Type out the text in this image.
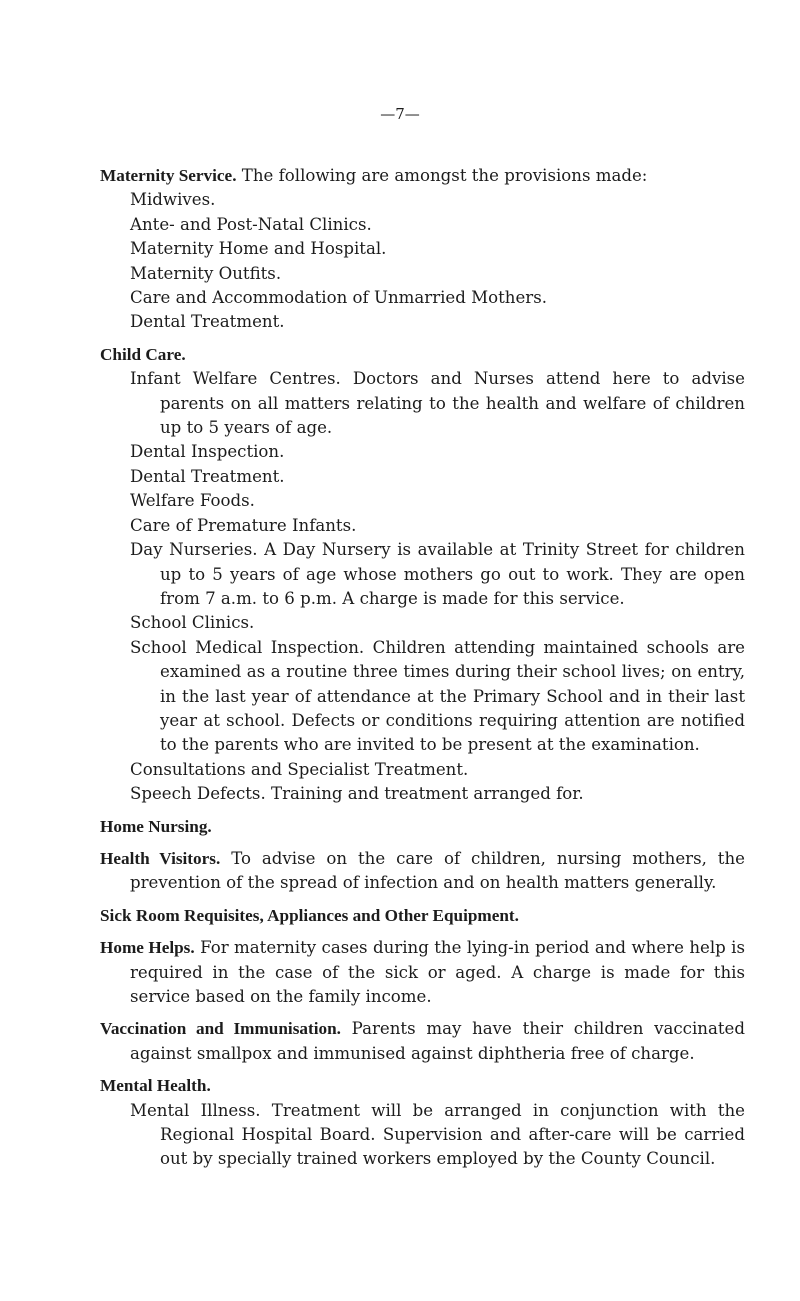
—7—

Maternity Service. The following are amongst the provisions made:

Midwives.

Ante- and Post-Natal Clinics.

Maternity Home and Hospital.

Maternity Outfits.

Care and Accommodation of Unmarried Mothers.

Dental Treatment.

Child Care.

Infant Welfare Centres. Doctors and Nurses attend here to advise parents on all matters relating to the health and welfare of children up to 5 years of age.

Dental Inspection.

Dental Treatment.

Welfare Foods.

Care of Premature Infants.

Day Nurseries. A Day Nursery is available at Trinity Street for children up to 5 years of age whose mothers go out to work. They are open from 7 a.m. to 6 p.m. A charge is made for this service.

School Clinics.

School Medical Inspection. Children attending maintained schools are examined as a routine three times during their school lives; on entry, in the last year of attendance at the Primary School and in their last year at school. Defects or conditions requiring attention are notified to the parents who are invited to be present at the examination.

Consultations and Specialist Treatment.

Speech Defects. Training and treatment arranged for.

Home Nursing.

Health Visitors. To advise on the care of children, nursing mothers, the prevention of the spread of infection and on health matters generally.

Sick Room Requisites, Appliances and Other Equipment.

Home Helps. For maternity cases during the lying-in period and where help is required in the case of the sick or aged. A charge is made for this service based on the family income.

Vaccination and Immunisation. Parents may have their children vaccinated against smallpox and immunised against diphtheria free of charge.

Mental Health.

Mental Illness. Treatment will be arranged in conjunction with the Regional Hospital Board. Supervision and after-care will be carried out by specially trained workers employed by the County Council.
